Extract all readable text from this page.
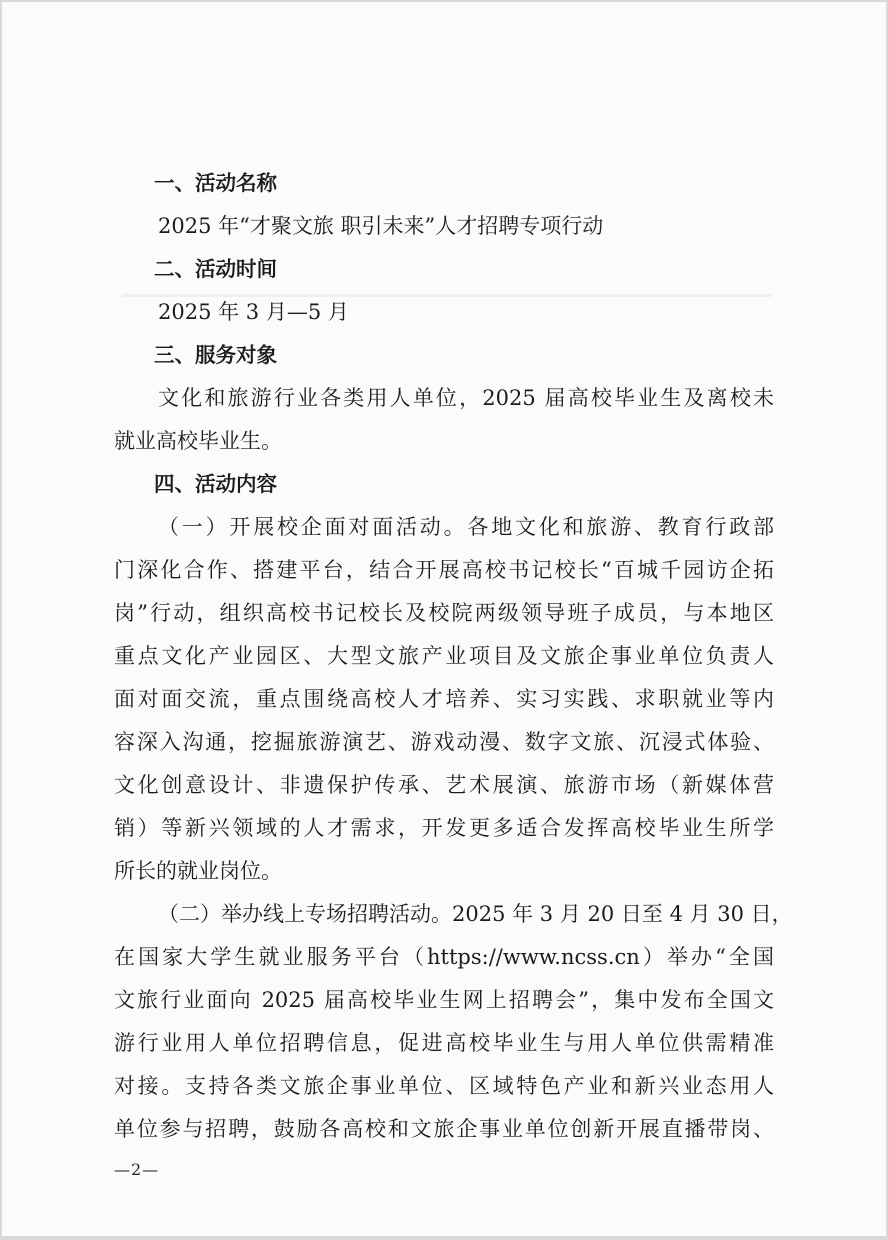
一、活动名称
2025 年“才聚文旅 职引未来”人才招聘专项行动
二、活动时间
2025 年 3 月—5 月
三、服务对象
文化和旅游行业各类用人单位，2025 届高校毕业生及离校未
就业高校毕业生。
四、活动内容
（一）开展校企面对面活动。各地文化和旅游、教育行政部
门深化合作、搭建平台，结合开展高校书记校长“百城千园访企拓
岗”行动，组织高校书记校长及校院两级领导班子成员，与本地区
重点文化产业园区、大型文旅产业项目及文旅企事业单位负责人
面对面交流，重点围绕高校人才培养、实习实践、求职就业等内
容深入沟通，挖掘旅游演艺、游戏动漫、数字文旅、沉浸式体验、
文化创意设计、非遗保护传承、艺术展演、旅游市场（新媒体营
销）等新兴领域的人才需求，开发更多适合发挥高校毕业生所学
所长的就业岗位。
（二）举办线上专场招聘活动。2025 年 3 月 20 日至 4 月 30 日，
在国家大学生就业服务平台（https://www.ncss.cn）举办“全国
文旅行业面向 2025 届高校毕业生网上招聘会”，集中发布全国文
游行业用人单位招聘信息，促进高校毕业生与用人单位供需精准
对接。支持各类文旅企事业单位、区域特色产业和新兴业态用人
单位参与招聘，鼓励各高校和文旅企事业单位创新开展直播带岗、
—2—
